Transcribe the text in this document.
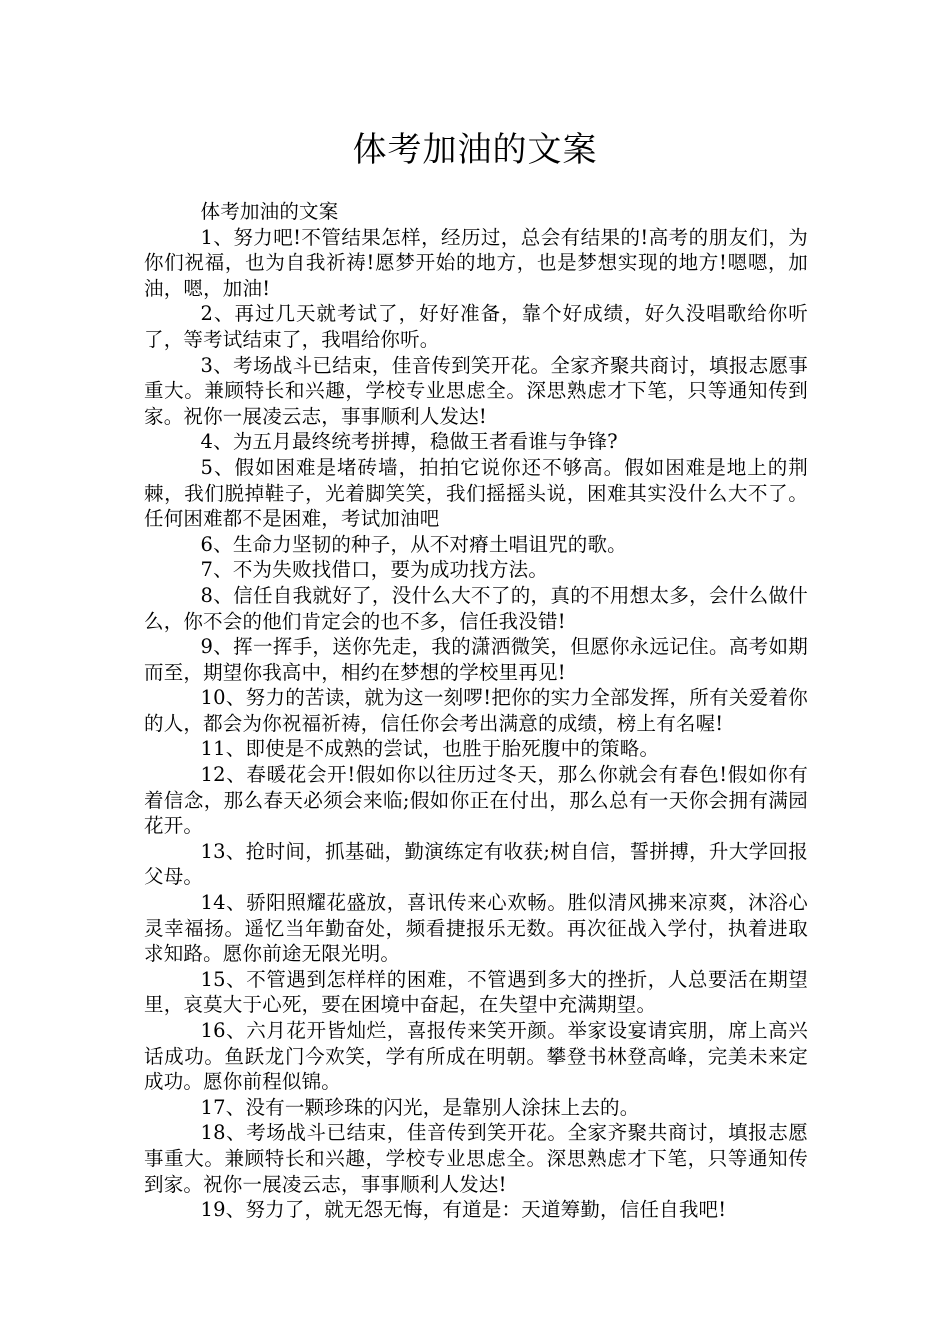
体考加油的文案

体考加油的文案

1、努力吧!不管结果怎样，经历过，总会有结果的!高考的朋友们，为你们祝福，也为自我祈祷!愿梦开始的地方，也是梦想实现的地方!嗯嗯，加油，嗯，加油!

2、再过几天就考试了，好好准备，靠个好成绩，好久没唱歌给你听了，等考试结束了，我唱给你听。

3、考场战斗已结束，佳音传到笑开花。全家齐聚共商讨，填报志愿事重大。兼顾特长和兴趣，学校专业思虑全。深思熟虑才下笔，只等通知传到家。祝你一展凌云志，事事顺利人发达!

4、为五月最终统考拼搏，稳做王者看谁与争锋?

5、假如困难是堵砖墙，拍拍它说你还不够高。假如困难是地上的荆棘，我们脱掉鞋子，光着脚笑笑，我们摇摇头说，困难其实没什么大不了。任何困难都不是困难，考试加油吧

6、生命力坚韧的种子，从不对瘠土唱诅咒的歌。

7、不为失败找借口，要为成功找方法。

8、信任自我就好了，没什么大不了的，真的不用想太多，会什么做什么，你不会的他们肯定会的也不多，信任我没错!

9、挥一挥手，送你先走，我的潇洒微笑，但愿你永远记住。高考如期而至，期望你我高中，相约在梦想的学校里再见!

10、努力的苦读，就为这一刻啰!把你的实力全部发挥，所有关爱着你的人，都会为你祝福祈祷，信任你会考出满意的成绩，榜上有名喔!

11、即使是不成熟的尝试，也胜于胎死腹中的策略。

12、春暖花会开!假如你以往历过冬天，那么你就会有春色!假如你有着信念，那么春天必须会来临;假如你正在付出，那么总有一天你会拥有满园花开。

13、抢时间，抓基础，勤演练定有收获;树自信，誓拼搏，升大学回报父母。

14、骄阳照耀花盛放，喜讯传来心欢畅。胜似清风拂来凉爽，沐浴心灵幸福扬。遥忆当年勤奋处，频看捷报乐无数。再次征战入学付，执着进取求知路。愿你前途无限光明。

15、不管遇到怎样样的困难，不管遇到多大的挫折，人总要活在期望里，哀莫大于心死，要在困境中奋起，在失望中充满期望。

16、六月花开皆灿烂，喜报传来笑开颜。举家设宴请宾朋，席上高兴话成功。鱼跃龙门今欢笑，学有所成在明朝。攀登书林登高峰，完美未来定成功。愿你前程似锦。

17、没有一颗珍珠的闪光，是靠别人涂抹上去的。

18、考场战斗已结束，佳音传到笑开花。全家齐聚共商讨，填报志愿事重大。兼顾特长和兴趣，学校专业思虑全。深思熟虑才下笔，只等通知传到家。祝你一展凌云志，事事顺利人发达!

19、努力了，就无怨无悔，有道是：天道筹勤，信任自我吧!
